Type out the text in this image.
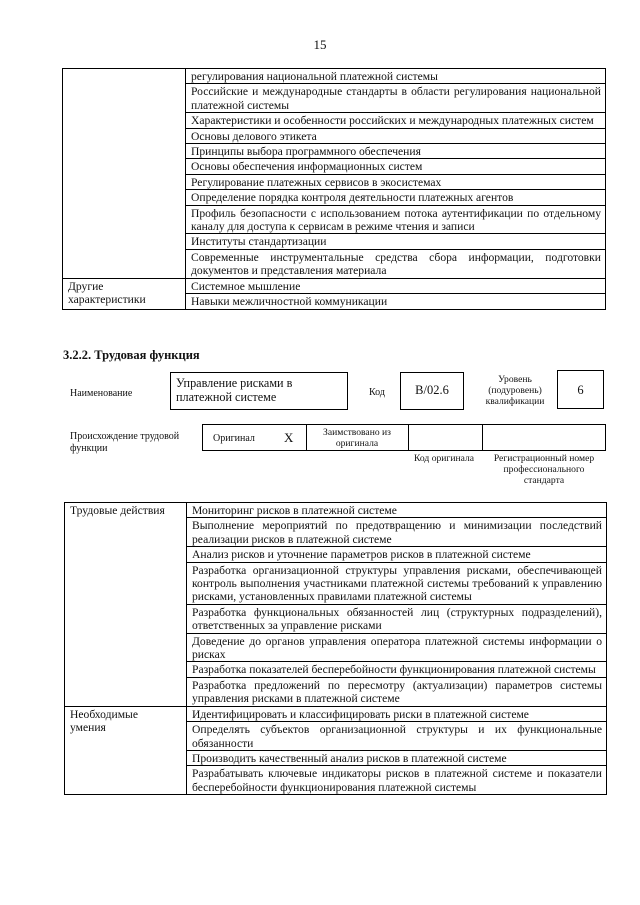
15
	регулирования национальной платежной системы
	Российские и международные стандарты в области регулирования национальной платежной системы
	Характеристики и особенности российских и международных платежных систем
	Основы делового этикета
	Принципы выбора программного обеспечения
	Основы обеспечения информационных систем
	Регулирование платежных сервисов в экосистемах
	Определение порядка контроля деятельности платежных агентов
	Профиль безопасности с использованием потока аутентификации по отдельному каналу для доступа к сервисам в режиме чтения и записи
	Институты стандартизации
	Современные инструментальные средства сбора информации, подготовки документов и представления материала
Другие
характеристики	Системное мышление
	Навыки межличностной коммуникации
3.2.2. Трудовая функция
Наименование
Управление рисками в платежной системе	Код	B/02.6
Уровень (подуровень) квалификации
6
Происхождение трудовой функции
Оригинал X	Заимствовано из оригинала
Код оригинала	Регистрационный номер профессионального стандарта
Трудовые действия	Мониторинг рисков в платежной системе
	Выполнение мероприятий по предотвращению и минимизации последствий реализации рисков в платежной системе
	Анализ рисков и уточнение параметров рисков в платежной системе
	Разработка организационной структуры управления рисками, обеспечивающей контроль выполнения участниками платежной системы требований к управлению рисками, установленных правилами платежной системы
	Разработка функциональных обязанностей лиц (структурных подразделений), ответственных за управление рисками
	Доведение до органов управления оператора платежной системы информации о рисках
	Разработка показателей бесперебойности функционирования платежной системы
	Разработка предложений по пересмотру (актуализации) параметров системы управления рисками в платежной системе
Необходимые
умения	Идентифицировать и классифицировать риски в платежной системе
	Определять субъектов организационной структуры и их функциональные обязанности
	Производить качественный анализ рисков в платежной системе
	Разрабатывать ключевые индикаторы рисков в платежной системе и показатели бесперебойности функционирования платежной системы
